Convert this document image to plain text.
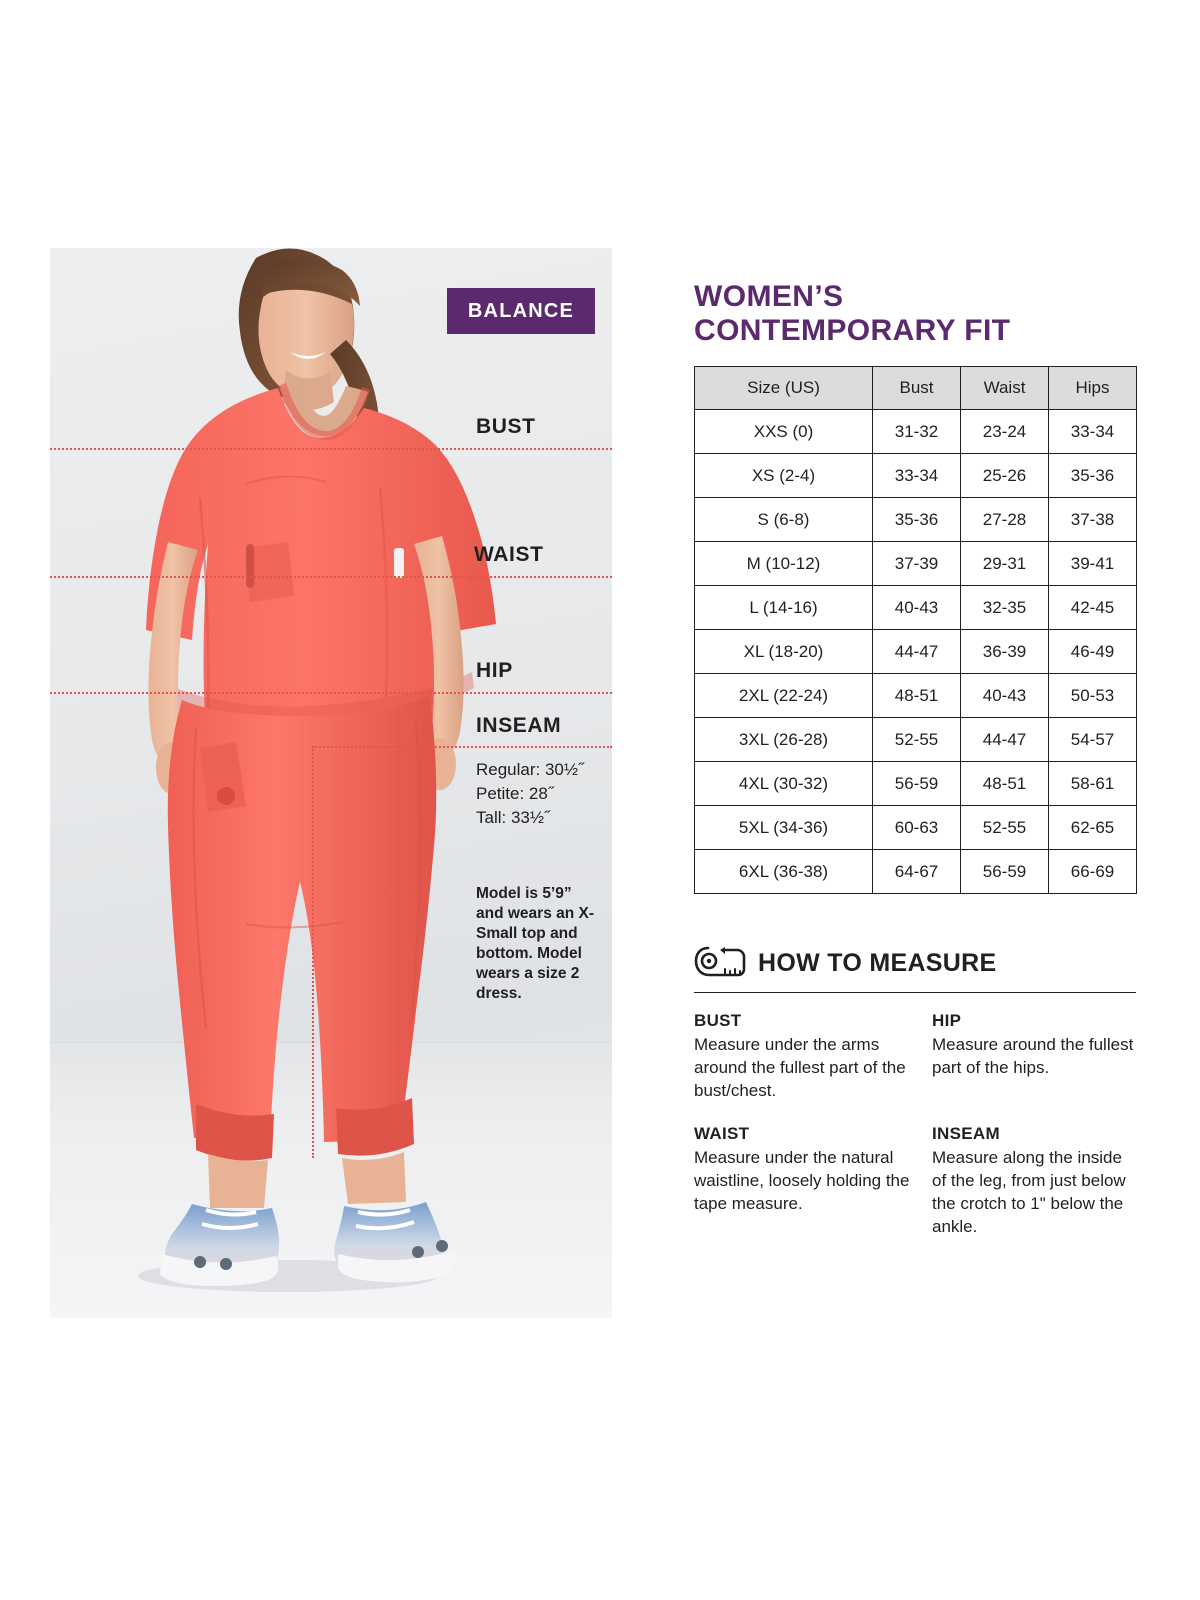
BALANCE
BUST
WAIST
HIP
INSEAM
Regular: 30½˝
Petite: 28˝
Tall: 33½˝
Model is 5’9” and wears an X-Small top and bottom. Model wears a size 2 dress.
WOMEN’S
CONTEMPORARY FIT
Size (US)	Bust	Waist	Hips
XXS (0)	31-32	23-24	33-34
XS (2-4)	33-34	25-26	35-36
S (6-8)	35-36	27-28	37-38
M (10-12)	37-39	29-31	39-41
L (14-16)	40-43	32-35	42-45
XL (18-20)	44-47	36-39	46-49
2XL (22-24)	48-51	40-43	50-53
3XL (26-28)	52-55	44-47	54-57
4XL (30-32)	56-59	48-51	58-61
5XL (34-36)	60-63	52-55	62-65
6XL (36-38)	64-67	56-59	66-69
HOW TO MEASURE
BUST

Measure under the arms around the fullest part of the bust/chest.

HIP

Measure around the fullest part of the hips.

WAIST

Measure under the natural waistline, loosely holding the tape measure.

INSEAM

Measure along the inside of the leg, from just below the crotch to 1" below the ankle.
